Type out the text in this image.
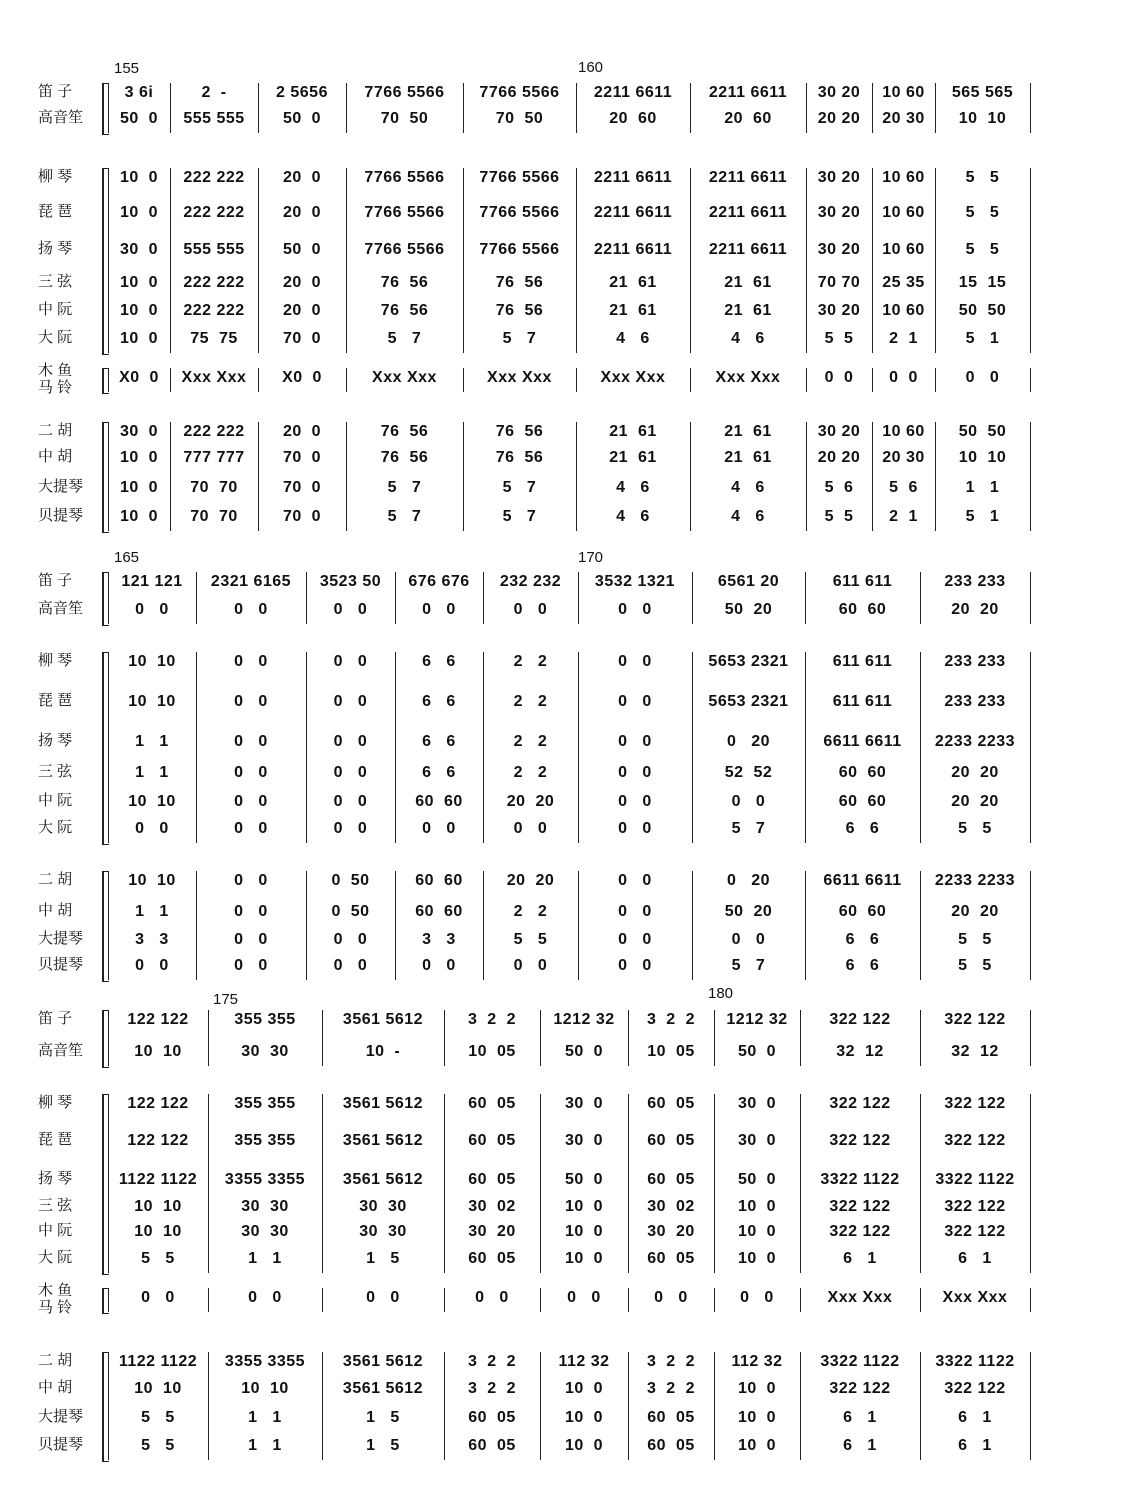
155	160
笛 子	3 6i	2  -	2 5656	7766 5566	7766 5566	2211 6611	2211 6611	30 20	10 60	565 565
高音笙	50  0	555 555	50  0	70  50	70  50	20  60	20  60	20 20	20 30	10  10
柳 琴	10  0	222 222	20  0	7766 5566	7766 5566	2211 6611	2211 6611	30 20	10 60	5   5
琵 琶	10  0	222 222	20  0	7766 5566	7766 5566	2211 6611	2211 6611	30 20	10 60	5   5
扬 琴	30  0	555 555	50  0	7766 5566	7766 5566	2211 6611	2211 6611	30 20	10 60	5   5
三 弦	10  0	222 222	20  0	76  56	76  56	21  61	21  61	70 70	25 35	15  15
中 阮	10  0	222 222	20  0	76  56	76  56	21  61	21  61	30 20	10 60	50  50
大 阮	10  0	75  75	70  0	5   7	5   7	4   6	4   6	5  5	2  1	5   1
木 鱼
马 铃
X0  0	Xxx Xxx	X0  0	Xxx Xxx	Xxx Xxx	Xxx Xxx	Xxx Xxx	0  0	0  0	0   0
二 胡	30  0	222 222	20  0	76  56	76  56	21  61	21  61	30 20	10 60	50  50
中 胡	10  0	777 777	70  0	76  56	76  56	21  61	21  61	20 20	20 30	10  10
大提琴	10  0	70  70	70  0	5   7	5   7	4   6	4   6	5  6	5  6	1   1
贝提琴	10  0	70  70	70  0	5   7	5   7	4   6	4   6	5  5	2  1	5   1
165	170
笛 子	121 121	2321 6165	3523 50	676 676	232 232	3532 1321	6561 20	611 611	233 233
高音笙	0   0	0   0	0   0	0   0	0   0	0   0	50  20	60  60	20  20
柳 琴	10  10	0   0	0   0	6   6	2   2	0   0	5653 2321	611 611	233 233
琵 琶	10  10	0   0	0   0	6   6	2   2	0   0	5653 2321	611 611	233 233
扬 琴	1   1	0   0	0   0	6   6	2   2	0   0	0   20	6611 6611	2233 2233
三 弦	1   1	0   0	0   0	6   6	2   2	0   0	52  52	60  60	20  20
中 阮	10  10	0   0	0   0	60  60	20  20	0   0	0   0	60  60	20  20
大 阮	0   0	0   0	0   0	0   0	0   0	0   0	5   7	6   6	5   5
二 胡	10  10	0   0	0  50	60  60	20  20	0   0	0   20	6611 6611	2233 2233
中 胡	1   1	0   0	0  50	60  60	2   2	0   0	50  20	60  60	20  20
大提琴	3   3	0   0	0   0	3   3	5   5	0   0	0   0	6   6	5   5
贝提琴	0   0	0   0	0   0	0   0	0   0	0   0	5   7	6   6	5   5
175	180
笛 子	122 122	355 355	3561 5612	3  2  2	1212 32	3  2  2	1212 32	322 122	322 122
高音笙	10  10	30  30	10  -	10  05	50  0	10  05	50  0	32  12	32  12
柳 琴	122 122	355 355	3561 5612	60  05	30  0	60  05	30  0	322 122	322 122
琵 琶	122 122	355 355	3561 5612	60  05	30  0	60  05	30  0	322 122	322 122
扬 琴	1122 1122	3355 3355	3561 5612	60  05	50  0	60  05	50  0	3322 1122	3322 1122
三 弦	10  10	30  30	30  30	30  02	10  0	30  02	10  0	322 122	322 122
中 阮	10  10	30  30	30  30	30  20	10  0	30  20	10  0	322 122	322 122
大 阮	5   5	1   1	1   5	60  05	10  0	60  05	10  0	6   1	6   1
木 鱼
马 铃
0   0	0   0	0   0	0   0	0   0	0   0	0   0	Xxx Xxx	Xxx Xxx
二 胡	1122 1122	3355 3355	3561 5612	3  2  2	112 32	3  2  2	112 32	3322 1122	3322 1122
中 胡	10  10	10  10	3561 5612	3  2  2	10  0	3  2  2	10  0	322 122	322 122
大提琴	5   5	1   1	1   5	60  05	10  0	60  05	10  0	6   1	6   1
贝提琴	5   5	1   1	1   5	60  05	10  0	60  05	10  0	6   1	6   1
